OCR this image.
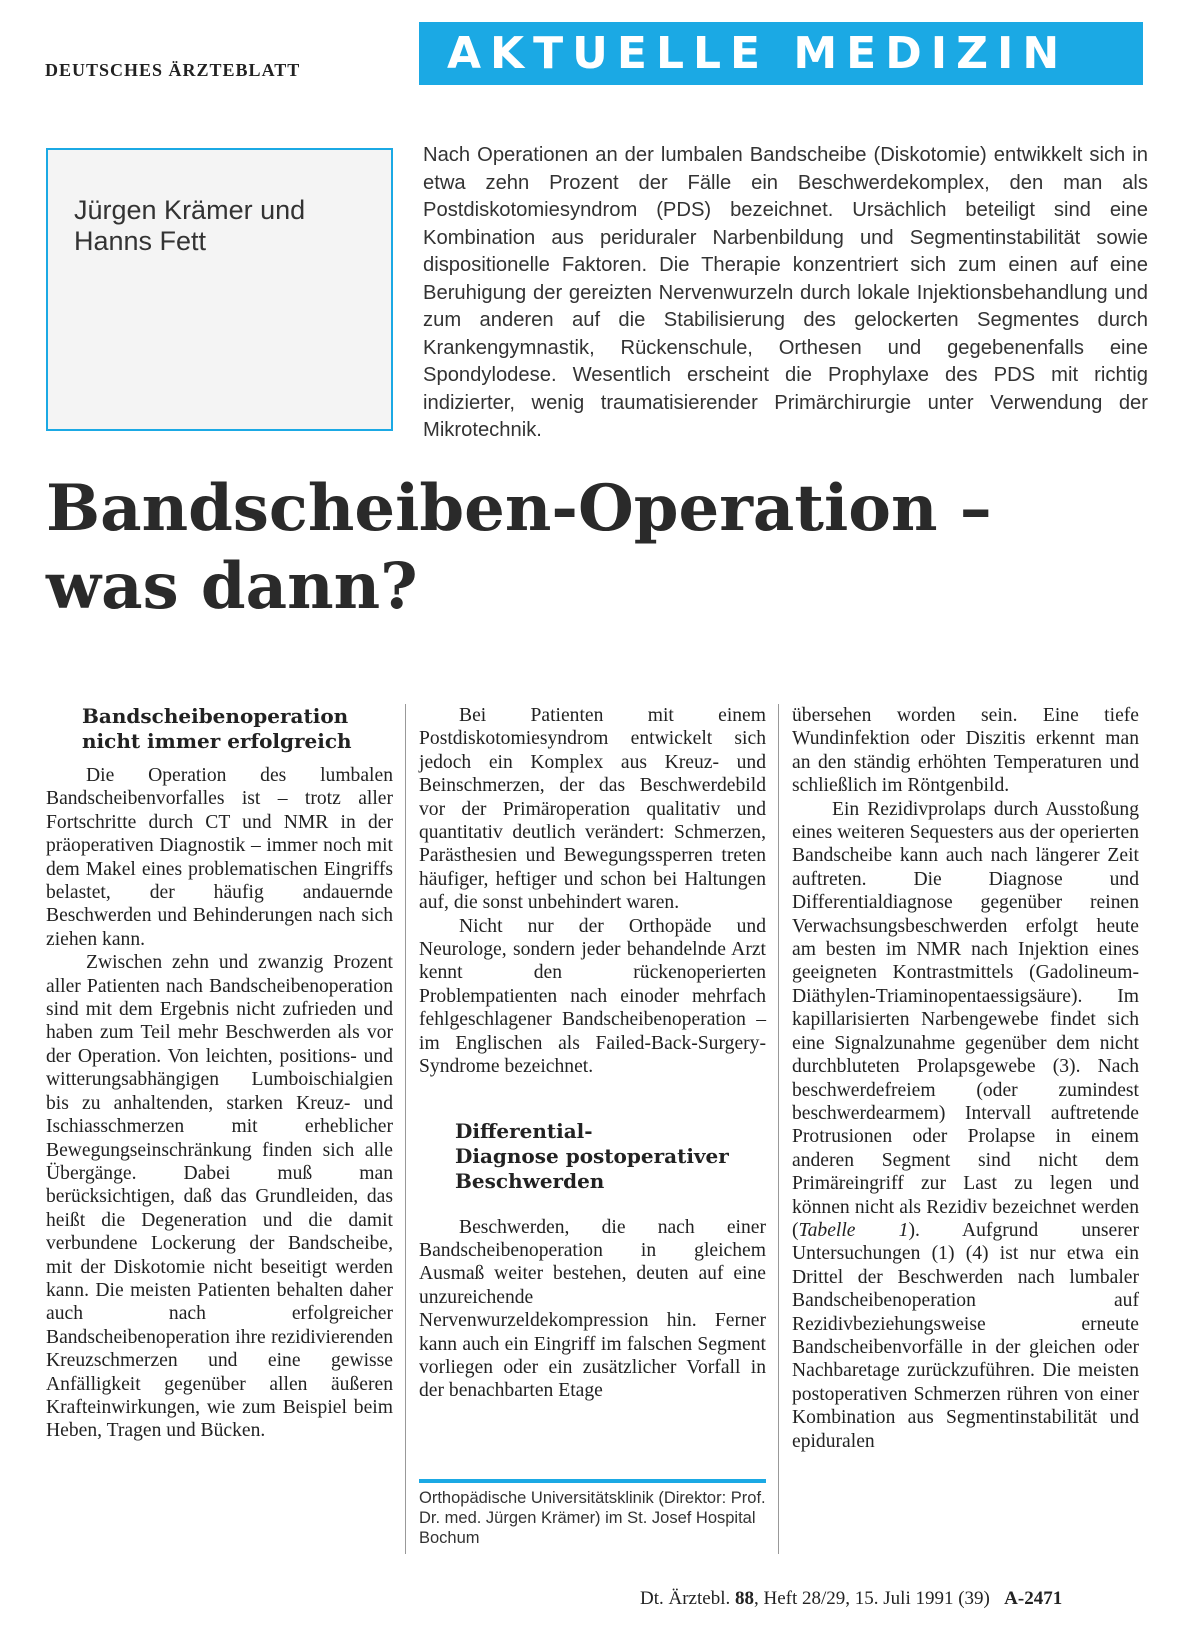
DEUTSCHES ÄRZTEBLATT	AKTUELLE MEDIZIN
Jürgen Krämer und
Hanns Fett
Nach Operationen an der lumbalen Bandscheibe (Diskotomie) entwikkelt sich in etwa zehn Prozent der Fälle ein Beschwerdekomplex, den man als Postdiskotomiesyndrom (PDS) bezeichnet. Ursächlich beteiligt sind eine Kombination aus periduraler Narbenbildung und Segmentinstabilität sowie dispositionelle Faktoren. Die Therapie konzentriert sich zum einen auf eine Beruhigung der gereizten Nervenwurzeln durch lokale Injektionsbehandlung und zum anderen auf die Stabilisierung des gelockerten Segmentes durch Krankengymnastik, Rückenschule, Orthesen und gegebenenfalls eine Spondylodese. Wesentlich erscheint die Prophylaxe des PDS mit richtig indizierter, wenig traumatisierender Primärchirurgie unter Verwendung der Mikrotechnik.
Bandscheiben-Operation –
was dann?
Bandscheibenoperation
nicht immer erfolgreich

Die Operation des lumbalen Bandscheibenvorfalles ist – trotz aller Fortschritte durch CT und NMR in der präoperativen Diagnostik – immer noch mit dem Makel eines problematischen Eingriffs belastet, der häufig andauernde Beschwerden und Behinderungen nach sich ziehen kann.

Zwischen zehn und zwanzig Prozent aller Patienten nach Bandscheibenoperation sind mit dem Ergebnis nicht zufrieden und haben zum Teil mehr Beschwerden als vor der Operation. Von leichten, positions- und witterungsabhängigen Lumboischialgien bis zu anhaltenden, starken Kreuz- und Ischiasschmerzen mit erheblicher Bewegungseinschränkung finden sich alle Übergänge. Dabei muß man berücksichtigen, daß das Grundleiden, das heißt die Degeneration und die damit verbundene Lockerung der Bandscheibe, mit der Diskotomie nicht beseitigt werden kann. Die meisten Patienten behalten daher auch nach erfolgreicher Bandscheibenoperation ihre rezidivierenden Kreuzschmerzen und eine gewisse Anfälligkeit gegenüber allen äußeren Krafteinwirkungen, wie zum Beispiel beim Heben, Tragen und Bücken.

Bei Patienten mit einem Postdiskotomiesyndrom entwickelt sich jedoch ein Komplex aus Kreuz- und Beinschmerzen, der das Beschwerdebild vor der Primäroperation qualitativ und quantitativ deutlich verändert: Schmerzen, Parästhesien und Bewegungssperren treten häufiger, heftiger und schon bei Haltungen auf, die sonst unbehindert waren.

Nicht nur der Orthopäde und Neurologe, sondern jeder behandelnde Arzt kennt den rückenoperierten Problempatienten nach einoder mehrfach fehlgeschlagener Bandscheibenoperation – im Englischen als Failed-Back-Surgery-Syndrome bezeichnet.

Differential-
Diagnose postoperativer
Beschwerden

Beschwerden, die nach einer Bandscheibenoperation in gleichem Ausmaß weiter bestehen, deuten auf eine unzureichende Nervenwurzeldekompression hin. Ferner kann auch ein Eingriff im falschen Segment vorliegen oder ein zusätzlicher Vorfall in der benachbarten Etage

Orthopädische Universitätsklinik (Direktor: Prof. Dr. med. Jürgen Krämer) im St. Josef Hospital Bochum

übersehen worden sein. Eine tiefe Wundinfektion oder Diszitis erkennt man an den ständig erhöhten Temperaturen und schließlich im Röntgenbild.

Ein Rezidivprolaps durch Ausstoßung eines weiteren Sequesters aus der operierten Bandscheibe kann auch nach längerer Zeit auftreten. Die Diagnose und Differentialdiagnose gegenüber reinen Verwachsungsbeschwerden erfolgt heute am besten im NMR nach Injektion eines geeigneten Kontrastmittels (Gadolineum-Diäthylen-Triaminopentaessigsäure). Im kapillarisierten Narbengewebe findet sich eine Signalzunahme gegenüber dem nicht durchbluteten Prolapsgewebe (3). Nach beschwerdefreiem (oder zumindest beschwerdearmem) Intervall auftretende Protrusionen oder Prolapse in einem anderen Segment sind nicht dem Primäreingriff zur Last zu legen und können nicht als Rezidiv bezeichnet werden (Tabelle 1). Aufgrund unserer Untersuchungen (1) (4) ist nur etwa ein Drittel der Beschwerden nach lumbaler Bandscheibenoperation auf Rezidivbeziehungsweise erneute Bandscheibenvorfälle in der gleichen oder Nachbaretage zurückzuführen. Die meisten postoperativen Schmerzen rühren von einer Kombination aus Segmentinstabilität und epiduralen

Dt. Ärztebl. 88, Heft 28/29, 15. Juli 1991 (39) A-2471
